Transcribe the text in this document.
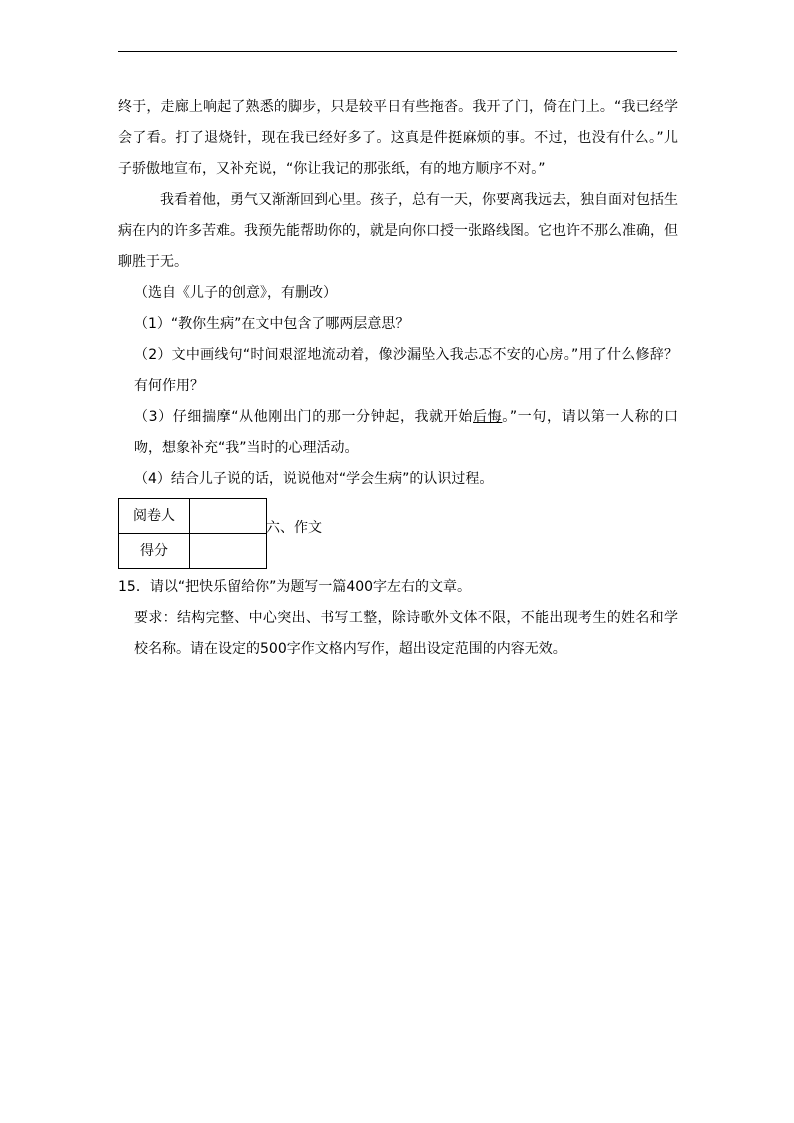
终于，走廊上响起了熟悉的脚步，只是较平日有些拖沓。我开了门，倚在门上。“我已经学会了看。打了退烧针，现在我已经好多了。这真是件挺麻烦的事。不过，也没有什么。”儿子骄傲地宣布，又补充说，“你让我记的那张纸，有的地方顺序不对。”

我看着他，勇气又渐渐回到心里。孩子，总有一天，你要离我远去，独自面对包括生病在内的许多苦难。我预先能帮助你的，就是向你口授一张路线图。它也许不那么准确，但聊胜于无。

（选自《儿子的创意》，有删改）

（1）“教你生病”在文中包含了哪两层意思？

（2）文中画线句“时间艰涩地流动着，像沙漏坠入我忐忑不安的心房。”用了什么修辞？有何作用？

（3）仔细揣摩“从他刚出门的那一分钟起，我就开始后悔。”一句，请以第一人称的口吻，想象补充“我”当时的心理活动。

（4）结合儿子说的话，说说他对“学会生病”的认识过程。

阅卷人	
得分	
六、作文

15．请以“把快乐留给你”为题写一篇400字左右的文章。

要求：结构完整、中心突出、书写工整，除诗歌外文体不限，不能出现考生的姓名和学校名称。请在设定的500字作文格内写作，超出设定范围的内容无效。
